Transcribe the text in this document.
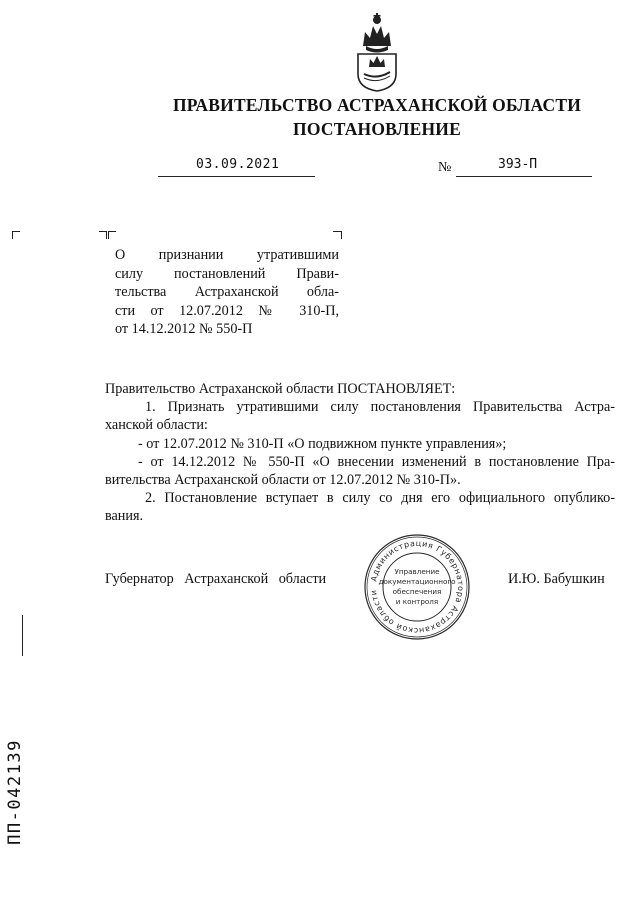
ПРАВИТЕЛЬСТВО АСТРАХАНСКОЙ ОБЛАСТИ
ПОСТАНОВЛЕНИЕ
03.09.2021	№	393-П
О признании утратившими
силу постановлений Прави-
тельства Астраханской обла-
сти от 12.07.2012 № 310-П,
от 14.12.2012 № 550-П
Правительство Астраханской области ПОСТАНОВЛЯЕТ:
1. Признать утратившими силу постановления Правительства Астра-
ханской области:
- от 12.07.2012 № 310-П «О подвижном пункте управления»;
- от 14.12.2012 № 550-П «О внесении изменений в постановление Пра-
вительства Астраханской области от 12.07.2012 № 310-П».
2. Постановление вступает в силу со дня его официального опублико-
вания.
Губернатор Астраханской области	Администрация Губернатора Астраханской области
Управление
документационного
обеспечения
и контроля
И.Ю. Бабушкин
ПП-042139
